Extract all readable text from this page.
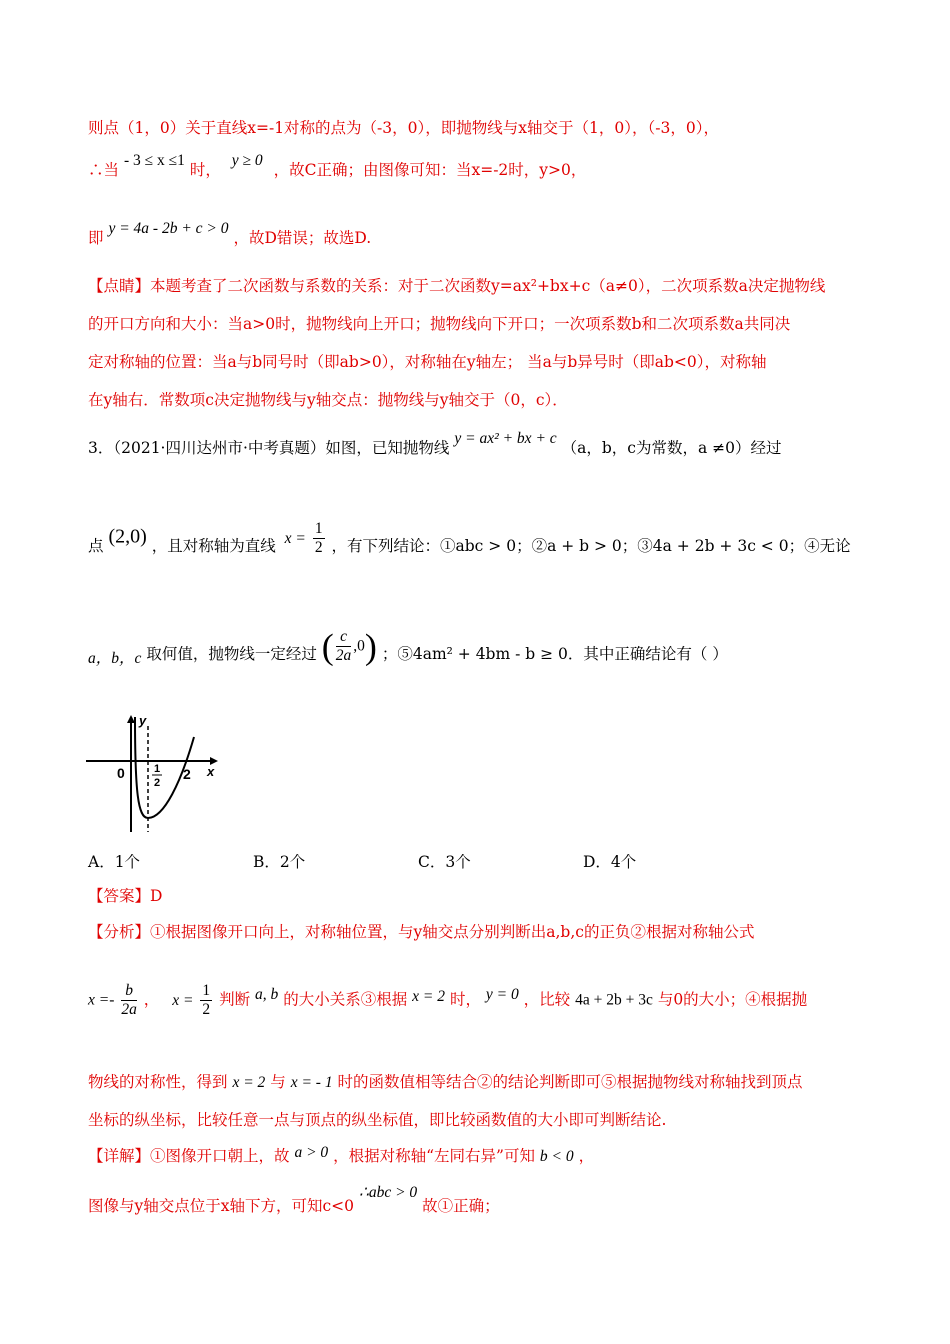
则点（1，0）关于直线x=-1对称的点为（-3，0），即抛物线与x轴交于（1，0），（-3，0），
∴当 - 3 ≤ x ≤1 时， y ≥ 0 ，故C正确；由图像可知：当x=-2时，y>0，
即 y = 4a - 2b + c > 0 ，故D错误；故选D.
【点睛】本题考查了二次函数与系数的关系：对于二次函数y=ax²+bx+c（a≠0），二次项系数a决定抛物线
的开口方向和大小：当a>0时，抛物线向上开口；抛物线向下开口；一次项系数b和二次项系数a共同决
定对称轴的位置：当a与b同号时（即ab>0），对称轴在y轴左； 当a与b异号时（即ab<0），对称轴
在y轴右．常数项c决定抛物线与y轴交点：抛物线与y轴交于（0，c）．
3．（2021·四川达州市·中考真题）如图，已知抛物线 y = ax² + bx + c （a，b，c为常数，a ≠0）经过
点 (2,0) ，且对称轴为直线 $x = \frac{1}{2}$ ，有下列结论：①abc > 0；②a + b > 0；③4a + 2b + 3c < 0；④无论
a，b，c 取何值，抛物线一定经过 ( $\frac{c}{2a} ,0$) ；⑤4am² + 4bm - b ≥ 0．其中正确结论有（ ）
y
x
0	1
2
2
A．1个	B．2个	C．3个	D．4个
【答案】D
【分析】①根据图像开口向上，对称轴位置，与y轴交点分别判断出a,b,c的正负②根据对称轴公式
$x =- \frac{b}{2a}$ ， $x = \frac{1}{2}$ 判断 a, b 的大小关系③根据 x = 2 时， y = 0 ，比较 4a + 2b + 3c 与0的大小；④根据抛
物线的对称性，得到 x = 2 与 x = - 1 时的函数值相等结合②的结论判断即可⑤根据抛物线对称轴找到顶点
坐标的纵坐标，比较任意一点与顶点的纵坐标值，即比较函数值的大小即可判断结论.
【详解】①图像开口朝上，故 a > 0 ，根据对称轴“左同右异”可知 b < 0 ，
图像与y轴交点位于x轴下方，可知c<0 ∴abc > 0 故①正确；
